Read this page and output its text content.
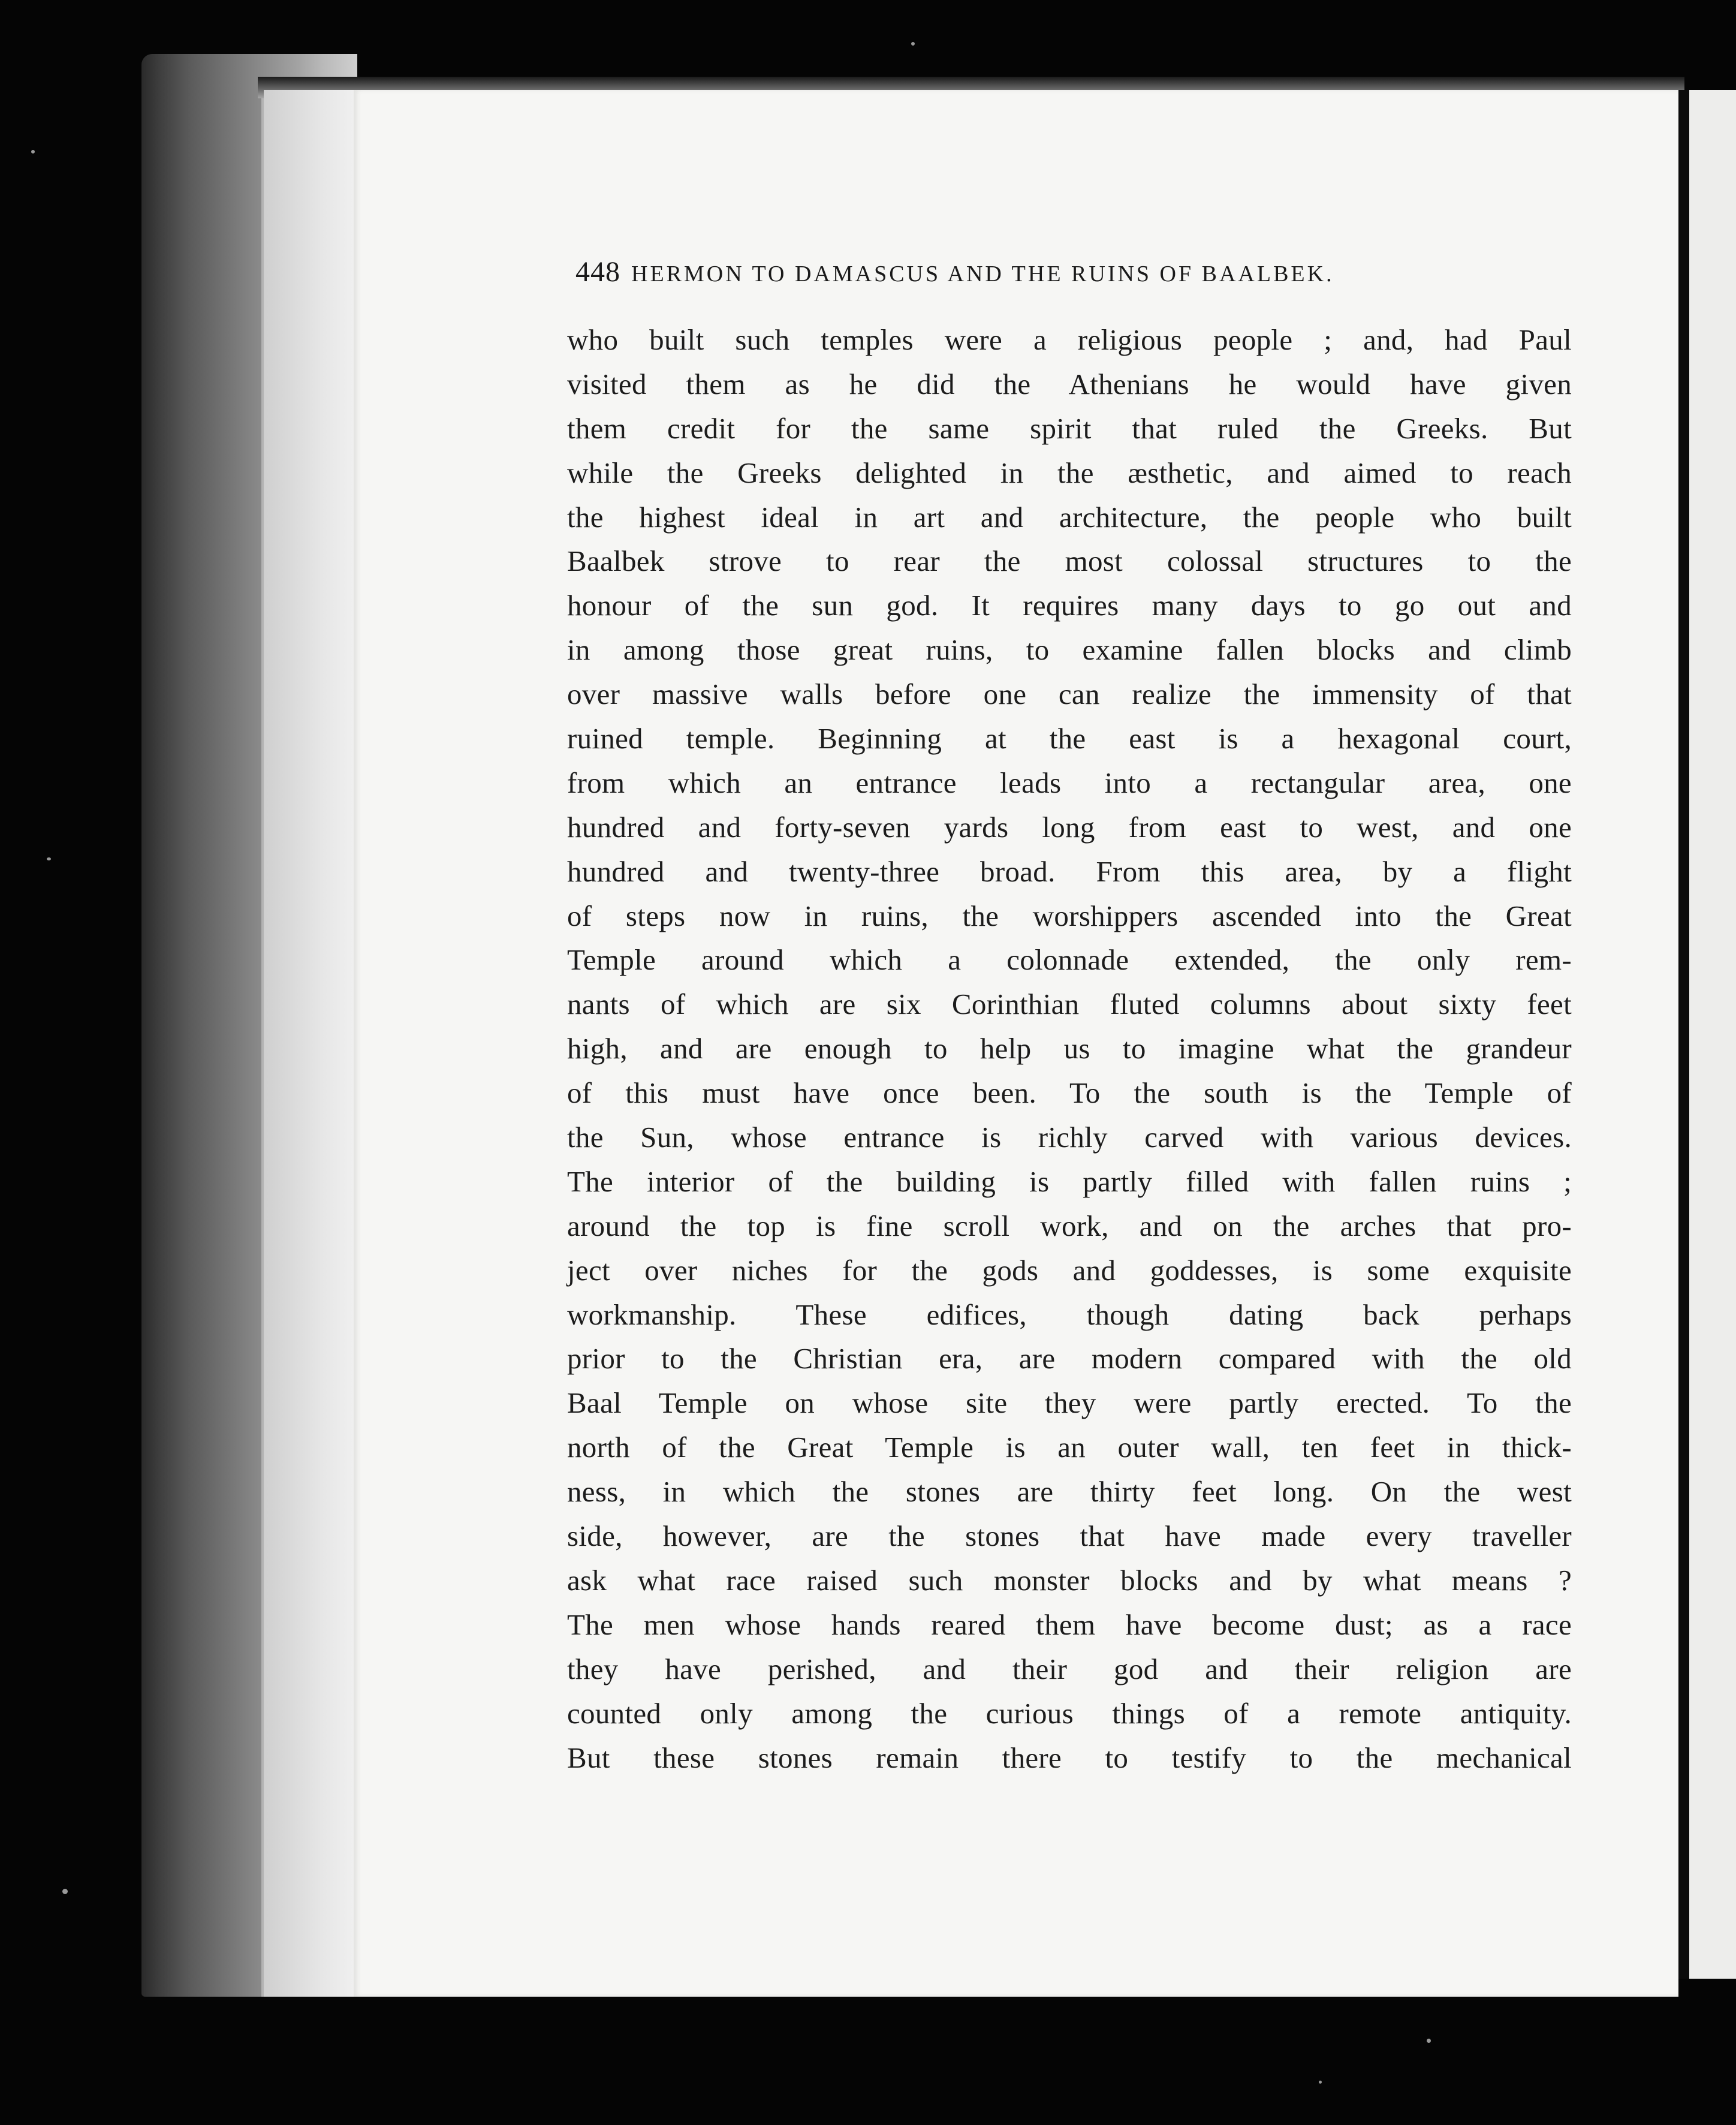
448 HERMON TO DAMASCUS AND THE RUINS OF BAALBEK.
who built such temples were a religious people ; and, had Paul
visited them as he did the Athenians he would have given
them credit for the same spirit that ruled the Greeks. But
while the Greeks delighted in the æsthetic, and aimed to reach
the highest ideal in art and architecture, the people who built
Baalbek strove to rear the most colossal structures to the
honour of the sun god. It requires many days to go out and
in among those great ruins, to examine fallen blocks and climb
over massive walls before one can realize the immensity of that
ruined temple. Beginning at the east is a hexagonal court,
from which an entrance leads into a rectangular area, one
hundred and forty-seven yards long from east to west, and one
hundred and twenty-three broad. From this area, by a flight
of steps now in ruins, the worshippers ascended into the Great
Temple around which a colonnade extended, the only rem-
nants of which are six Corinthian fluted columns about sixty feet
high, and are enough to help us to imagine what the grandeur
of this must have once been. To the south is the Temple of
the Sun, whose entrance is richly carved with various devices.
The interior of the building is partly filled with fallen ruins ;
around the top is fine scroll work, and on the arches that pro-
ject over niches for the gods and goddesses, is some exquisite
workmanship. These edifices, though dating back perhaps
prior to the Christian era, are modern compared with the old
Baal Temple on whose site they were partly erected. To the
north of the Great Temple is an outer wall, ten feet in thick-
ness, in which the stones are thirty feet long. On the west
side, however, are the stones that have made every traveller
ask what race raised such monster blocks and by what means ?
The men whose hands reared them have become dust; as a race
they have perished, and their god and their religion are
counted only among the curious things of a remote antiquity.
But these stones remain there to testify to the mechanical
